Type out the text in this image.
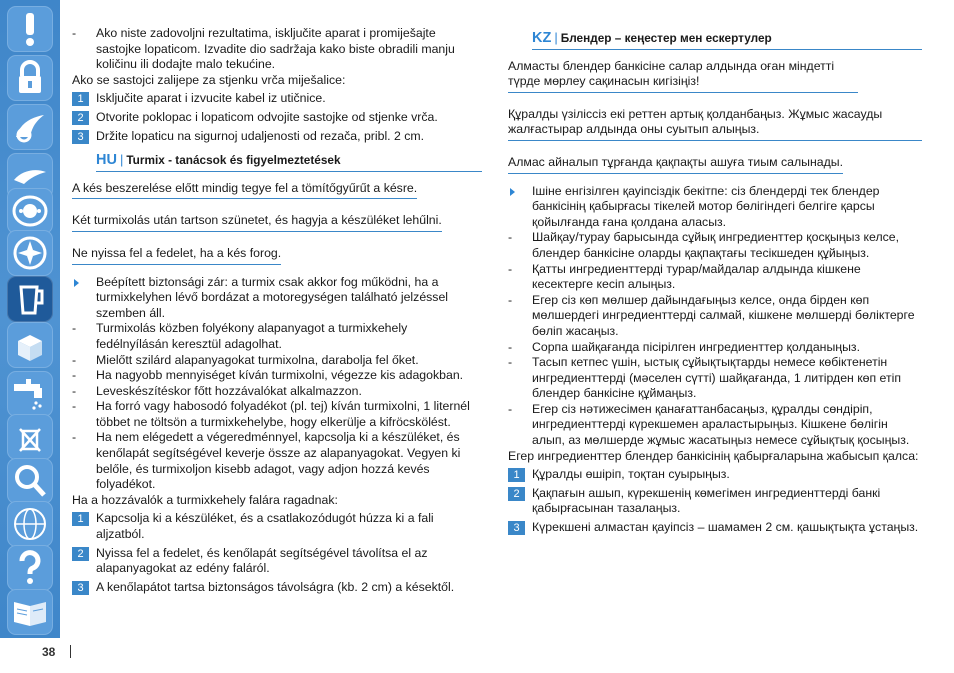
- Ako niste zadovoljni rezultatima, isključite aparat i promiješajte sastojke lopaticom. Izvadite dio sadržaja kako biste obradili manju količinu ili dodajte malo tekućine.

Ako se sastojci zalijepe za stjenku vrča miješalice:

1	Isključite aparat i izvucite kabel iz utičnice.

2	Otvorite poklopac i lopaticom odvojite sastojke od stjenke vrča.

3	Držite lopaticu na sigurnoj udaljenosti od rezača, pribl. 2 cm.

HU | Turmix - tanácsok és figyelmeztetések
A kés beszerelése előtt mindig tegye fel a tömítőgyűrűt a késre.
Két turmixolás után tartson szünetet, és hagyja a készüléket lehűlni.
Ne nyissa fel a fedelet, ha a kés forog.

Beépített biztonsági zár: a turmix csak akkor fog működni, ha a turmixkelyhen lévő bordázat a motoregységen található jelzéssel szemben áll.

- Turmixolás közben folyékony alapanyagot a turmixkehely fedélnyílásán keresztül adagolhat.

- Mielőtt szilárd alapanyagokat turmixolna, darabolja fel őket.

- Ha nagyobb mennyiséget kíván turmixolni, végezze kis adagokban.

- Leveskészítéskor főtt hozzávalókat alkalmazzon.

- Ha forró vagy habosodó folyadékot (pl. tej) kíván turmixolni, 1 liternél többet ne töltsön a turmixkehelybe, hogy elkerülje a kifröcskölést.

- Ha nem elégedett a végeredménnyel, kapcsolja ki a készüléket, és kenőlapát segítségével keverje össze az alapanyagokat. Vegyen ki belőle, és turmixoljon kisebb adagot, vagy adjon hozzá kevés folyadékot.

Ha a hozzávalók a turmixkehely falára ragadnak:

1	Kapcsolja ki a készüléket, és a csatlakozódugót húzza ki a fali aljzatból.

2	Nyissa fel a fedelet, és kenőlapát segítségével távolítsa el az alapanyagokat az edény faláról.

3	A kenőlapátot tartsa biztonságos távolságra (kb. 2 cm) a késektől.

KZ | Блендер – кеңестер мен ескертулер
Алмасты блендер банкісіне салар алдында оған міндетті түрде мөрлеу сақинасын кигізіңіз!
Құралды үзіліссіз екі реттен артық қолданбаңыз. Жұмыс жасауды жалғастырар алдында оны суытып алыңыз.
Алмас айналып тұрғанда қақпақты ашуға тиым салынады.

Ішіне енгізілген қауіпсіздік бекітпе: сіз блендерді тек блендер банкісінің қабырғасы тікелей мотор бөлігіндегі белгіге қарсы қойылғанда ғана қолдана аласыз.

- Шайқау/турау барысында сұйық ингредиенттер қосқыңыз келсе, блендер банкісіне оларды қақпақтағы тесікшеден құйыңыз.

- Қатты ингредиенттерді турар/майдалар алдында кішкене кесектерге кесіп алыңыз.

- Егер сіз көп мөлшер дайындағыңыз келсе, онда бірден көп мөлшердегі ингредиенттерді салмай, кішкене мөлшерді бөліктерге бөліп жасаңыз.

- Сорпа шайқағанда пісірілген ингредиенттер қолданыңыз.

- Тасып кетпес үшін, ыстық сұйықтықтарды немесе көбіктенетін ингредиенттерді (мәселен сүтті) шайқағанда, 1 литірден көп етіп блендер банкісіне құймаңыз.

- Егер сіз нәтижесімен қанағаттанбасаңыз, құралды сөндіріп, ингредиенттерді күрекшемен араластырыңыз. Кішкене бөлігін алып, аз мөлшерде жұмыс жасатыңыз немесе сұйықтық қосыңыз.

Егер ингредиенттер блендер банкісінің қабырғаларына жабысып қалса:

1	Құралды өшіріп, тоқтан суырыңыз.

2	Қақпағын ашып, күрекшенің көмегімен ингредиенттерді банкі қабырғасынан тазалаңыз.

3	Күрекшені алмастан қауіпсіз – шамамен 2 см. қашықтықта ұстаңыз.

38
